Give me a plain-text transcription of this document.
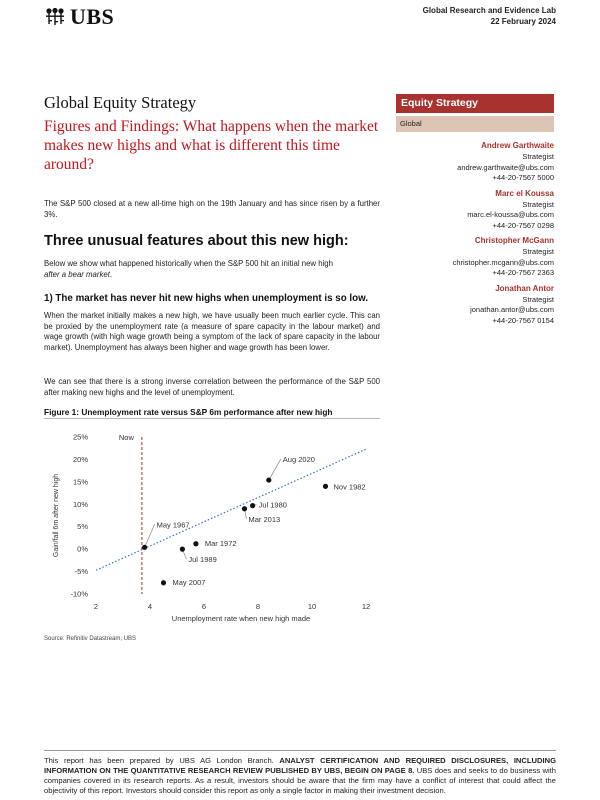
UBS	Global Research and Evidence Lab
22 February 2024
Global Equity Strategy
Figures and Findings: What happens when the market makes new highs and what is different this time around?
Equity Strategy
Global
Andrew Garthwaite
Strategist
andrew.garthwaite@ubs.com
+44-20-7567 5000
Marc el Koussa
Strategist
marc.el-koussa@ubs.com
+44-20-7567 0298
Christopher McGann
Strategist
christopher.mcgann@ubs.com
+44-20-7567 2363
Jonathan Antor
Strategist
jonathan.antor@ubs.com
+44-20-7567 0154
The S&P 500 closed at a new all-time high on the 19th January and has since risen by a further 3%.
Three unusual features about this new high:
Below we show what happened historically when the S&P 500 hit an initial new high
after a bear market.
1) The market has never hit new highs when unemployment is so low.
When the market initially makes a new high, we have usually been much earlier cycle. This can be proxied by the unemployment rate (a measure of spare capacity in the labour market) and wage growth (with high wage growth being a symptom of the lack of spare capacity in the labour market). Unemployment has always been higher and wage growth has been lower.
We can see that there is a strong inverse correlation between the performance of the S&P 500 after making new highs and the level of unemployment.
Figure 1: Unemployment rate versus S&P 6m performance after new high
-10%
-5%
0%
5%
10%
15%
20%
25%
2	4	6	8	10	12
Now
May 1967
Jul 1989
Mar 1972
May 2007
Mar 2013
Jul 1980
Aug 2020
Nov 1982
Gain/fall 6m after new high
Unemployment rate when new high made
Source: Refinitiv Datastream, UBS
This report has been prepared by UBS AG London Branch. ANALYST CERTIFICATION AND REQUIRED DISCLOSURES, INCLUDING INFORMATION ON THE QUANTITATIVE RESEARCH REVIEW PUBLISHED BY UBS, BEGIN ON PAGE 8. UBS does and seeks to do business with companies covered in its research reports. As a result, investors should be aware that the firm may have a conflict of interest that could affect the objectivity of this report. Investors should consider this report as only a single factor in making their investment decision.
